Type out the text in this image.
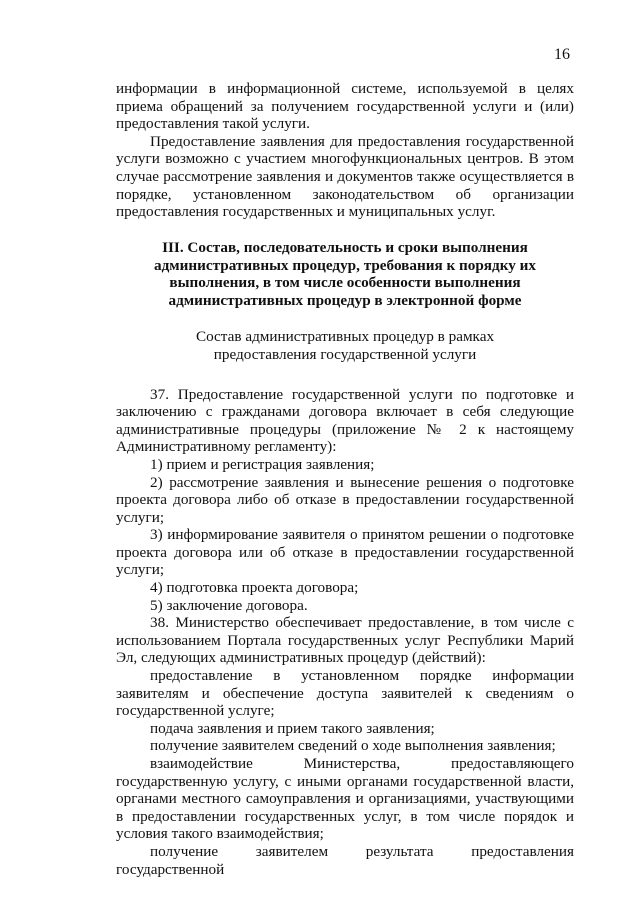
16

информации в информационной системе, используемой в целях приема обращений за получением государственной услуги и (или) предоставления такой услуги.

Предоставление заявления для предоставления государственной услуги возможно с участием многофункциональных центров. В этом случае рассмотрение заявления и документов также осуществляется в порядке, установленном законодательством об организации предоставления государственных и муниципальных услуг.

III. Состав, последовательность и сроки выполнения
административных процедур, требования к порядку их
выполнения, в том числе особенности выполнения
административных процедур в электронной форме
Состав административных процедур в рамках
предоставления государственной услуги

37. Предоставление государственной услуги по подготовке и заключению с гражданами договора включает в себя следующие административные процедуры (приложение № 2 к настоящему Административному регламенту):

1) прием и регистрация заявления;

2) рассмотрение заявления и вынесение решения о подготовке проекта договора либо об отказе в предоставлении государственной услуги;

3) информирование заявителя о принятом решении о подготовке проекта договора или об отказе в предоставлении государственной услуги;

4) подготовка проекта договора;

5) заключение договора.

38. Министерство обеспечивает предоставление, в том числе с использованием Портала государственных услуг Республики Марий Эл, следующих административных процедур (действий):

предоставление в установленном порядке информации заявителям и обеспечение доступа заявителей к сведениям о государственной услуге;

подача заявления и прием такого заявления;

получение заявителем сведений о ходе выполнения заявления;

взаимодействие Министерства, предоставляющего государственную услугу, с иными органами государственной власти, органами местного самоуправления и организациями, участвующими в предоставлении государственных услуг, в том числе порядок и условия такого взаимодействия;

получение заявителем результата предоставления государственной
